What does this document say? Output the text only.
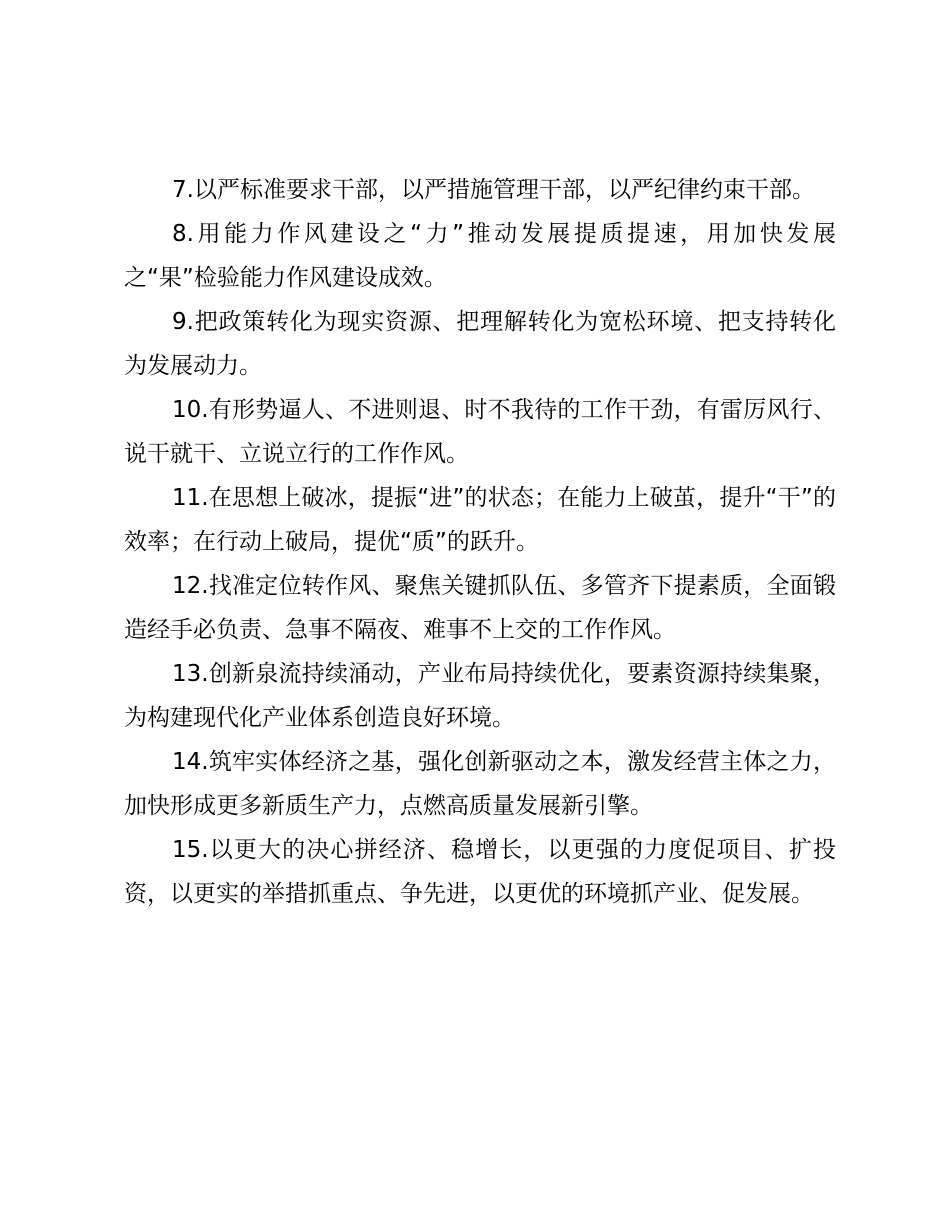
7.以严标准要求干部，以严措施管理干部，以严纪律约束干部。

8.用能力作风建设之“力”推动发展提质提速，用加快发展之“果”检验能力作风建设成效。

9.把政策转化为现实资源、把理解转化为宽松环境、把支持转化为发展动力。

10.有形势逼人、不进则退、时不我待的工作干劲，有雷厉风行、说干就干、立说立行的工作作风。

11.在思想上破冰，提振“进”的状态；在能力上破茧，提升“干”的效率；在行动上破局，提优“质”的跃升。

12.找准定位转作风、聚焦关键抓队伍、多管齐下提素质，全面锻造经手必负责、急事不隔夜、难事不上交的工作作风。

13.创新泉流持续涌动，产业布局持续优化，要素资源持续集聚，为构建现代化产业体系创造良好环境。

14.筑牢实体经济之基，强化创新驱动之本，激发经营主体之力，加快形成更多新质生产力，点燃高质量发展新引擎。

15.以更大的决心拼经济、稳增长，以更强的力度促项目、扩投资，以更实的举措抓重点、争先进，以更优的环境抓产业、促发展。
